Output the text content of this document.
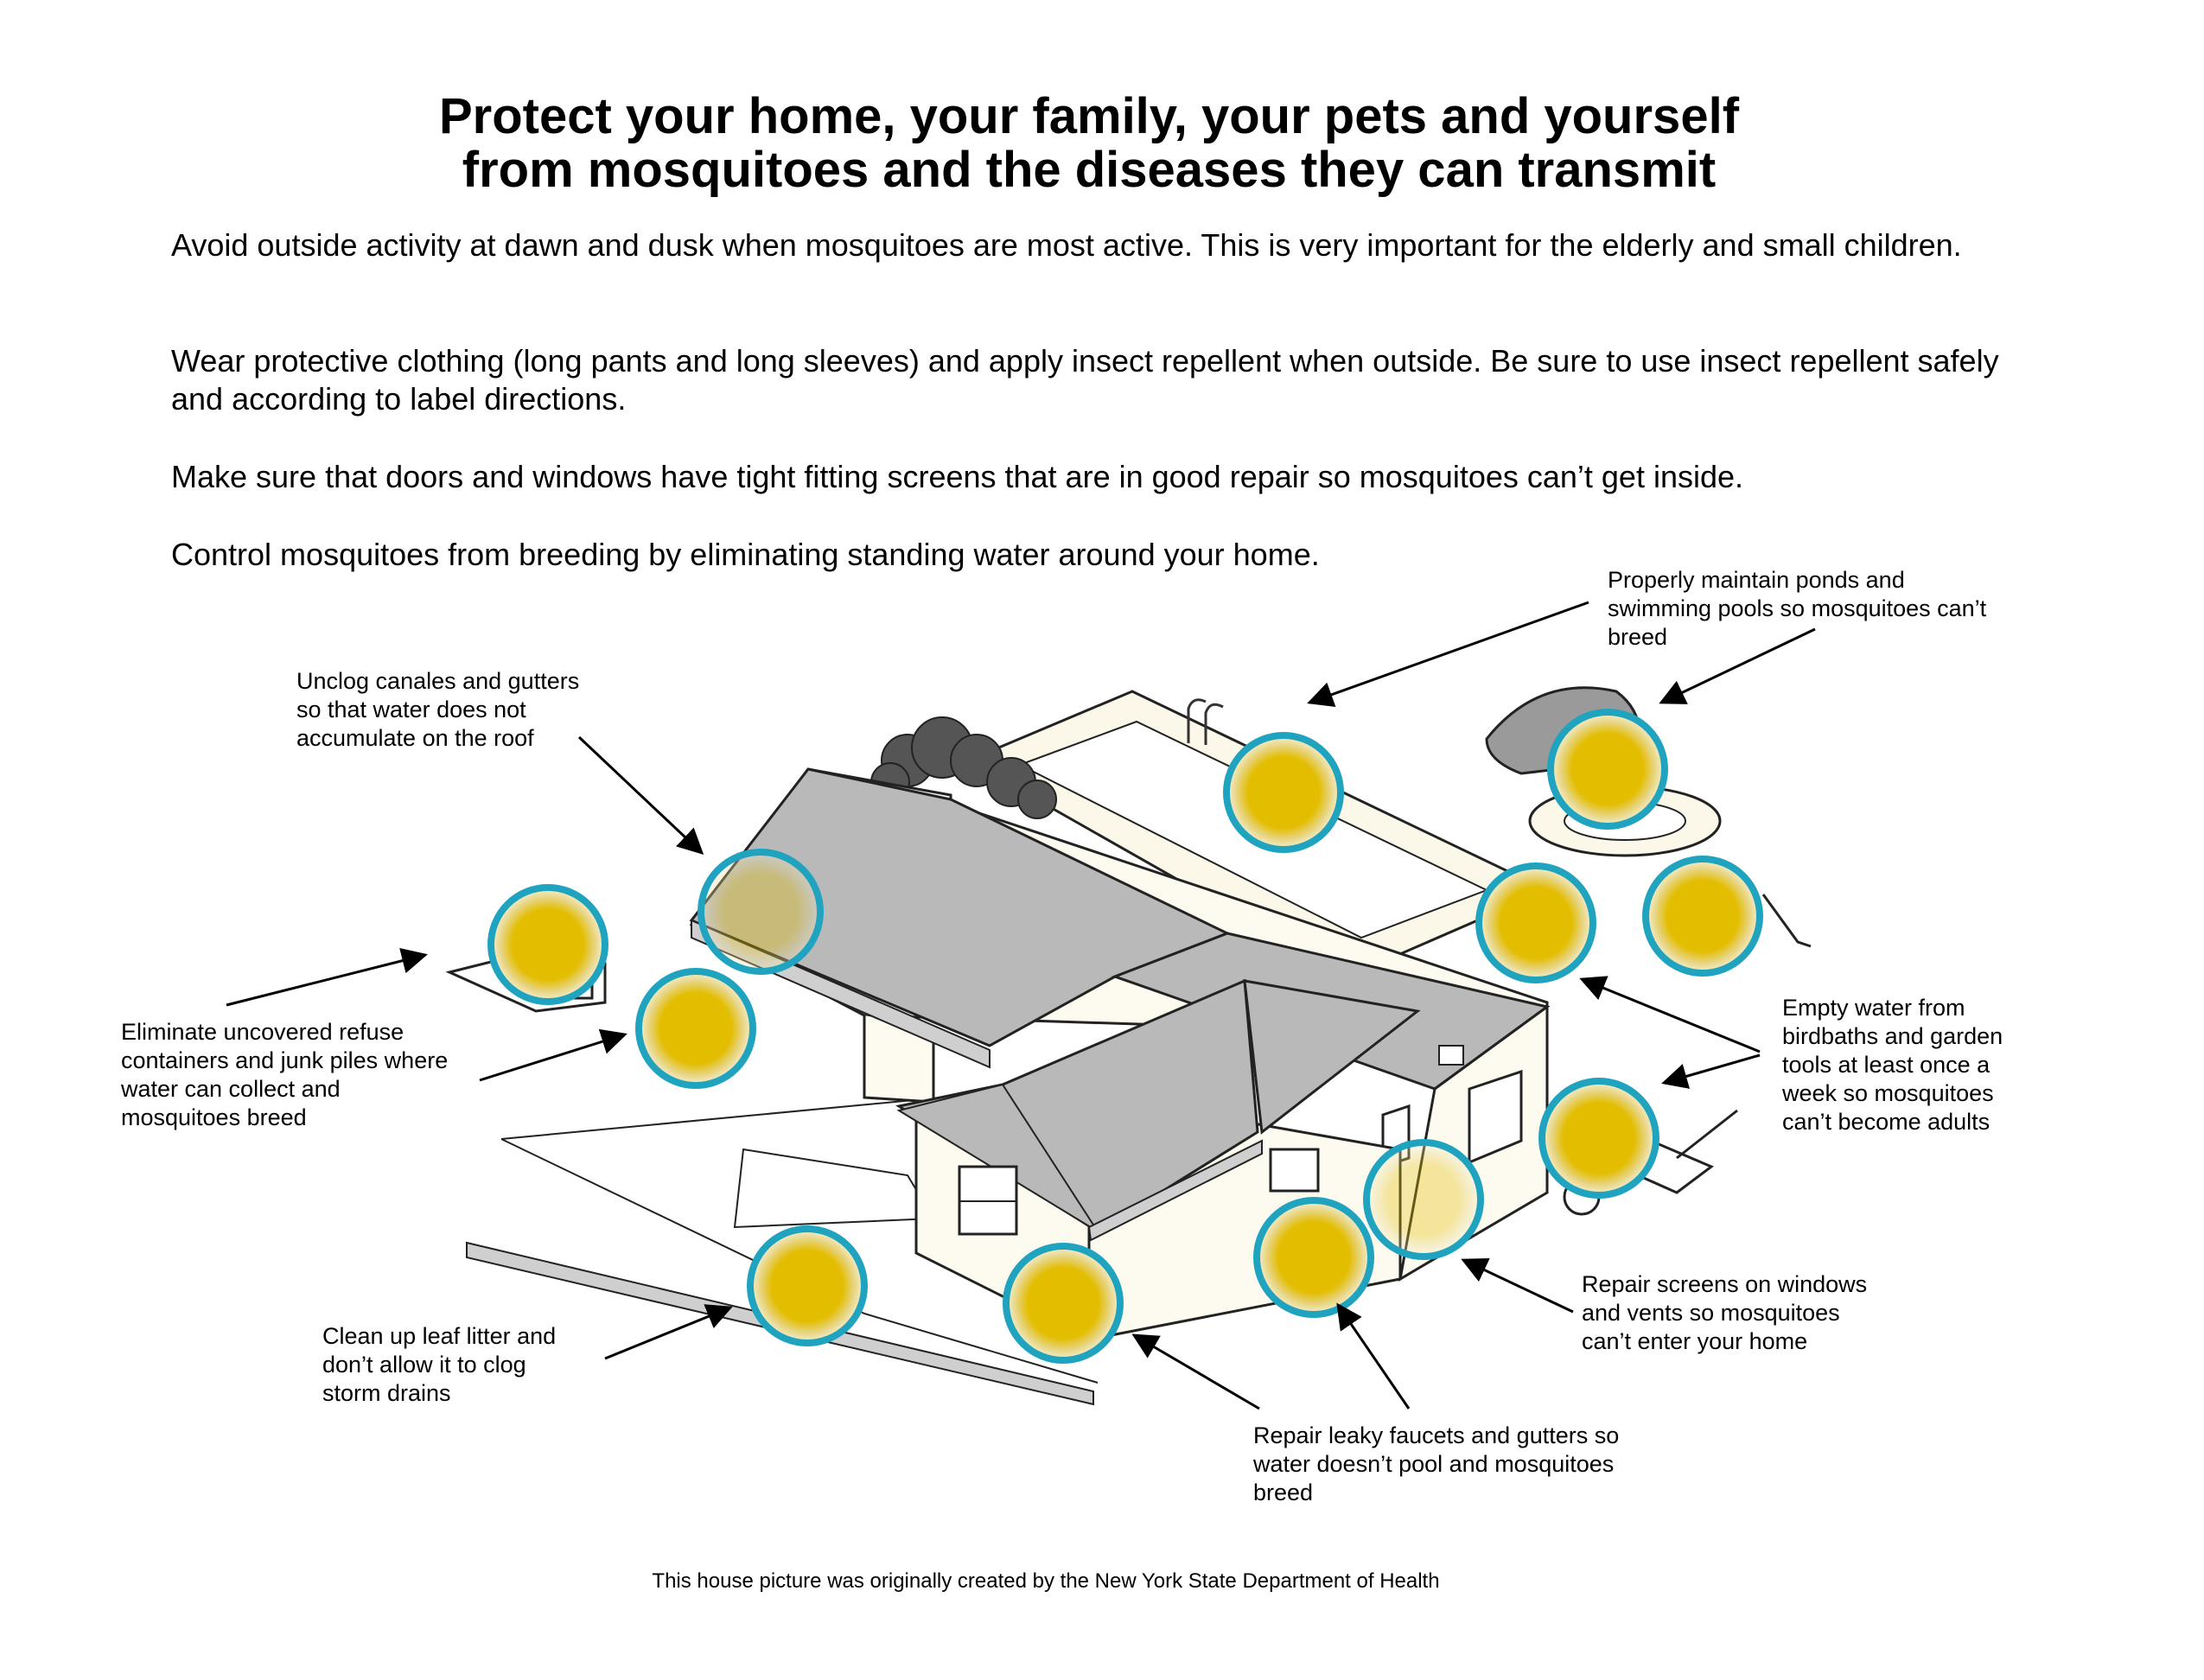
Protect your home, your family, your pets and yourself
from mosquitoes and the diseases they can transmit
Avoid outside activity at dawn and dusk when mosquitoes are most active. This is very important for the elderly and small children.
Wear protective clothing (long pants and long sleeves) and apply insect repellent when outside. Be sure to use insect repellent safely and according to label directions.
Make sure that doors and windows have tight fitting screens that are in good repair so mosquitoes can’t get inside.
Control mosquitoes from breeding by eliminating standing water around your home.
Properly maintain ponds and
swimming pools so mosquitoes can’t
breed
Unclog canales and gutters
so that water does not
accumulate on the roof
Eliminate uncovered refuse
containers and junk piles where
water can collect and
mosquitoes breed
Empty water from
birdbaths and garden
tools at least once a
week so mosquitoes
can’t become adults
Repair screens on windows
and vents so mosquitoes
can’t enter your home
Clean up leaf litter and
don’t allow it to clog
storm drains
Repair leaky faucets and gutters so
water doesn’t pool and mosquitoes
breed
This house picture was originally created by the New York State Department of Health
